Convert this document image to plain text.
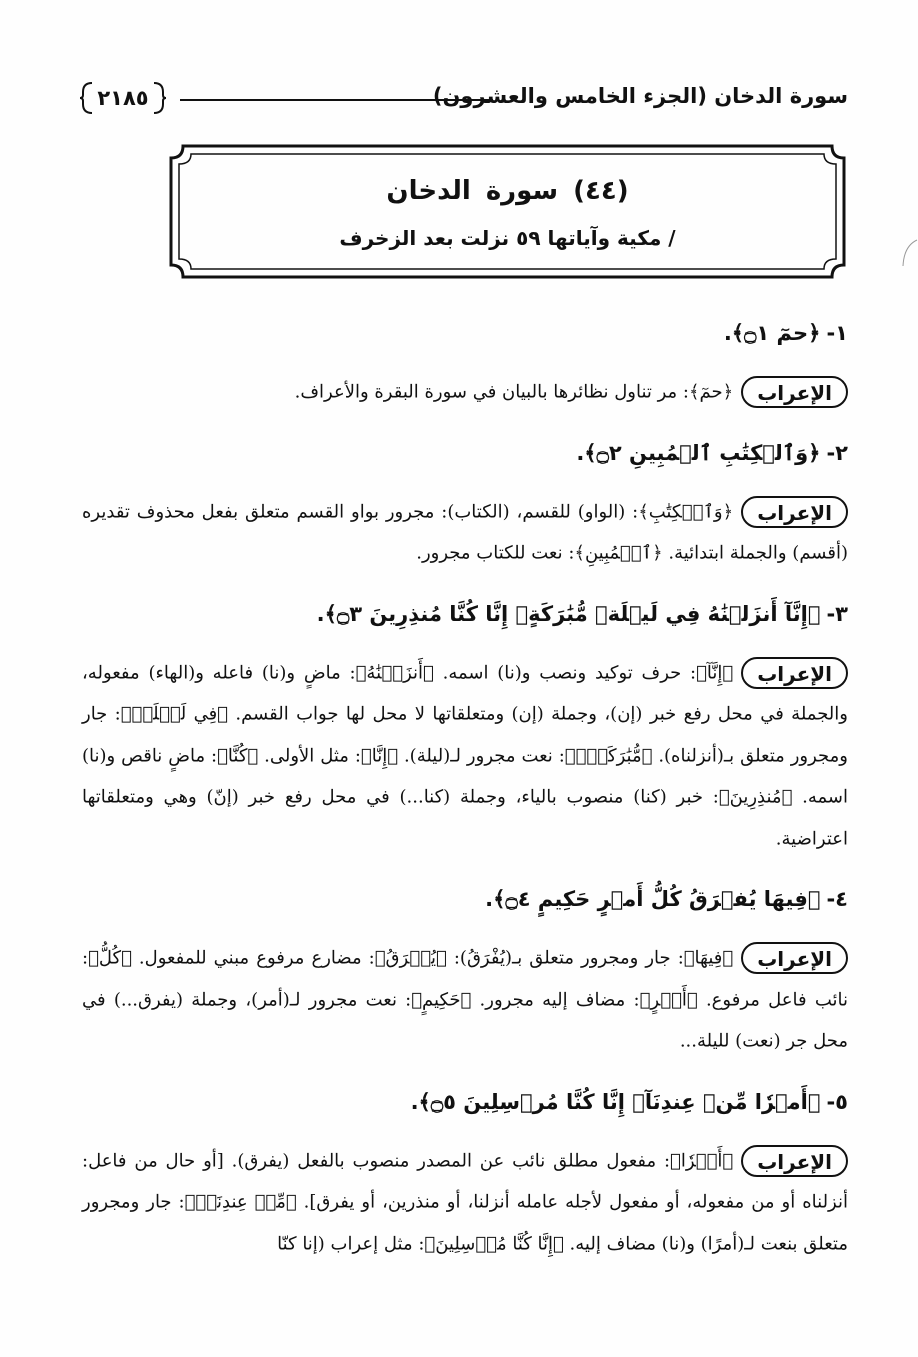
سورة الدخان (الجزء الخامس والعشرون)
٢١٨٥
(٤٤) سورة الدخان
/ مكية وآياتها ٥٩ نزلت بعد الزخرف
١-﴿حمٓ ۝١﴾.
الإعراب﴿حمٓ﴾: مر تناول نظائرها بالبيان في سورة البقرة والأعراف.
٢-﴿وَٱلۡكِتَٰبِ ٱلۡمُبِينِ ۝٢﴾.
الإعراب﴿وَٱلۡكِتَٰبِ﴾: (الواو) للقسم، (الكتاب): مجرور بواو القسم متعلق بفعل محذوف تقديره (أقسم) والجملة ابتدائية. ﴿ٱلۡمُبِينِ﴾: نعت للكتاب مجرور.
٣-﴿إِنَّآ أَنزَلۡنَٰهُ فِي لَيۡلَةٖ مُّبَٰرَكَةٍۚ إِنَّا كُنَّا مُنذِرِينَ ۝٣﴾.
الإعراب﴿إِنَّآ﴾: حرف توكيد ونصب و(نا) اسمه. ﴿أَنزَلۡنَٰهُ﴾: ماضٍ و(نا) فاعله و(الهاء) مفعوله، والجملة في محل رفع خبر (إن)، وجملة (إن) ومتعلقاتها لا محل لها جواب القسم. ﴿فِي لَيۡلَةٖ﴾: جار ومجرور متعلق بـ(أنزلناه). ﴿مُّبَٰرَكَةٍۚ﴾: نعت مجرور لـ(ليلة). ﴿إِنَّا﴾: مثل الأولى. ﴿كُنَّا﴾: ماضٍ ناقص و(نا) اسمه. ﴿مُنذِرِينَ﴾: خبر (كنا) منصوب بالياء، وجملة (كنا...) في محل رفع خبر (إنّ) وهي ومتعلقاتها اعتراضية.
٤-﴿فِيهَا يُفۡرَقُ كُلُّ أَمۡرٍ حَكِيمٍ ۝٤﴾.
الإعراب﴿فِيهَا﴾: جار ومجرور متعلق بـ(يُفْرَقُ): ﴿يُفۡرَقُ﴾: مضارع مرفوع مبني للمفعول. ﴿كُلُّ﴾: نائب فاعل مرفوع. ﴿أَمۡرٍ﴾: مضاف إليه مجرور. ﴿حَكِيمٍ﴾: نعت مجرور لـ(أمر)، وجملة (يفرق...) في محل جر (نعت) لليلة...
٥-﴿أَمۡرٗا مِّنۡ عِندِنَآۚ إِنَّا كُنَّا مُرۡسِلِينَ ۝٥﴾.
الإعراب﴿أَمۡرٗا﴾: مفعول مطلق نائب عن المصدر منصوب بالفعل (يفرق). [أو حال من فاعل: أنزلناه أو من مفعوله، أو مفعول لأجله عامله أنزلنا، أو منذرين، أو يفرق]. ﴿مِّنۡ عِندِنَآۚ﴾: جار ومجرور متعلق بنعت لـ(أمرًا) و(نا) مضاف إليه. ﴿إِنَّا كُنَّا مُرۡسِلِينَ﴾: مثل إعراب (إنا كنّا
